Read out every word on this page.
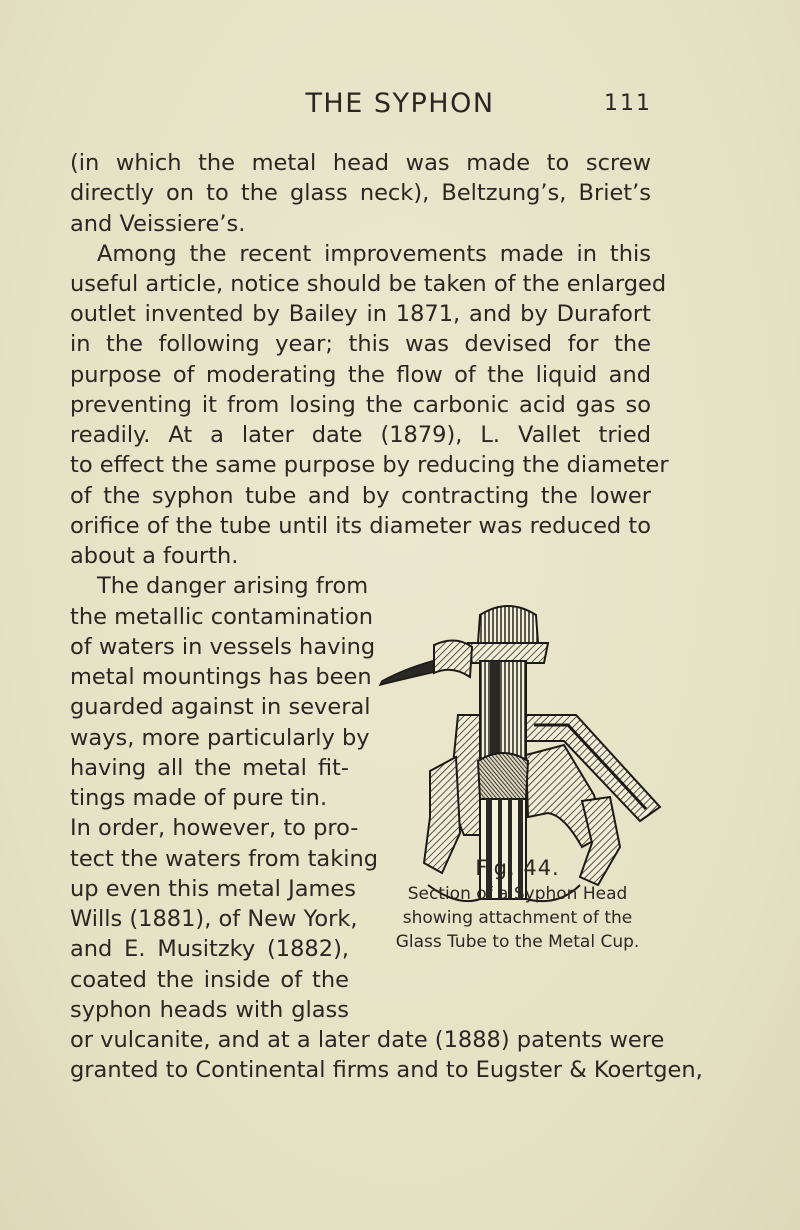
THE SYPHON	111
(in which the metal head was made to screw
directly on to the glass neck), Beltzung’s, Briet’s
and Veissiere’s.
Among the recent improvements made in this
useful article, notice should be taken of the enlarged
outlet invented by Bailey in 1871, and by Durafort
in the following year; this was devised for the
purpose of moderating the flow of the liquid and
preventing it from losing the carbonic acid gas so
readily. At a later date (1879), L. Vallet tried
to effect the same purpose by reducing the diameter
of the syphon tube and by contracting the lower
orifice of the tube until its diameter was reduced to
about a fourth.
The danger arising from
the metallic contamination
of waters in vessels having
metal mountings has been
guarded against in several
ways, more particularly by
having all the metal fit-
tings made of pure tin.
In order, however, to pro-
tect the waters from taking
up even this metal James
Wills (1881), of New York,
and E. Musitzky (1882),
coated the inside of the
syphon heads with glass
or vulcanite, and at a later date (1888) patents were
granted to Continental firms and to Eugster & Koertgen,
Fig. 44.
Section of a Syphon Head
showing attachment of the
Glass Tube to the Metal Cup.
